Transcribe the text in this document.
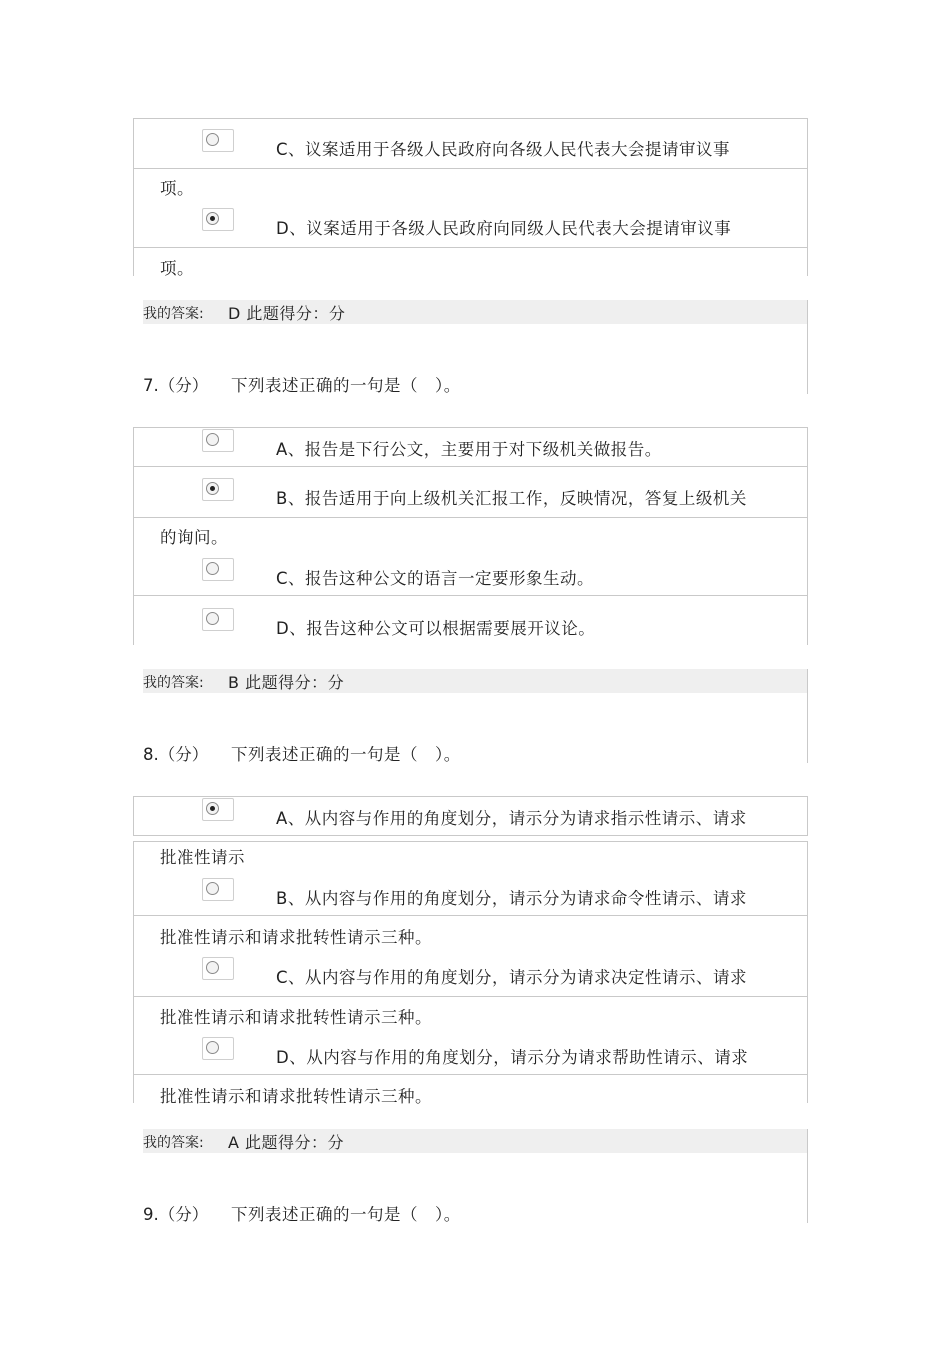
C、议案适用于各级人民政府向各级人民代表大会提请审议事
项。
D、议案适用于各级人民政府向同级人民代表大会提请审议事
项。
我的答案: D 此题得分：分
7.（分） 下列表述正确的一句是（　）。
A、报告是下行公文，主要用于对下级机关做报告。
B、报告适用于向上级机关汇报工作，反映情况，答复上级机关
的询问。
C、报告这种公文的语言一定要形象生动。
D、报告这种公文可以根据需要展开议论。
我的答案: B 此题得分：分
8.（分） 下列表述正确的一句是（　）。
A、从内容与作用的角度划分，请示分为请求指示性请示、请求
批准性请示
B、从内容与作用的角度划分，请示分为请求命令性请示、请求
批准性请示和请求批转性请示三种。
C、从内容与作用的角度划分，请示分为请求决定性请示、请求
批准性请示和请求批转性请示三种。
D、从内容与作用的角度划分，请示分为请求帮助性请示、请求
批准性请示和请求批转性请示三种。
我的答案: A 此题得分：分
9.（分） 下列表述正确的一句是（　）。
